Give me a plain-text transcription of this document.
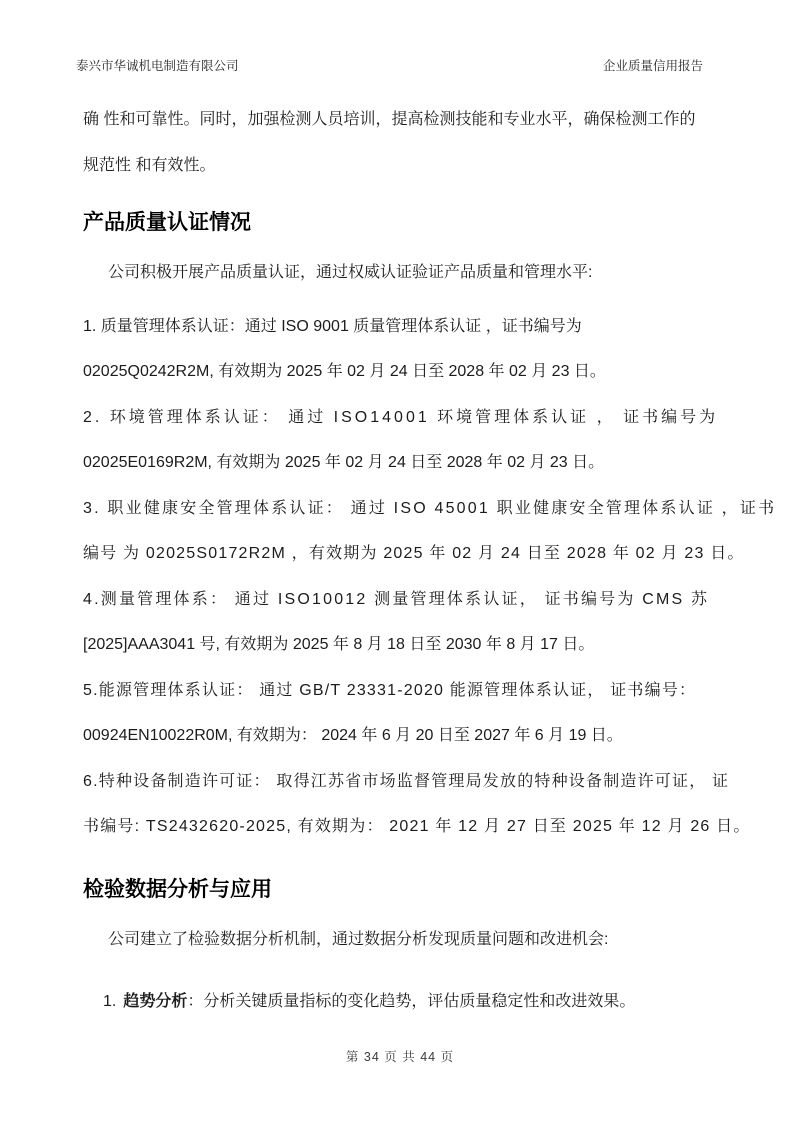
泰兴市华诚机电制造有限公司	企业质量信用报告
确 性和可靠性。同时，加强检测人员培训，提高检测技能和专业水平，确保检测工作的
规范性 和有效性。
产品质量认证情况
公司积极开展产品质量认证，通过权威认证验证产品质量和管理水平:
1. 质量管理体系认证：通过 ISO 9001 质量管理体系认证 ，证书编号为
02025Q0242R2M, 有效期为 2025 年 02 月 24 日至 2028 年 02 月 23 日。
2. 环境管理体系认证： 通过 ISO14001 环境管理体系认证 ， 证书编号为
02025E0169R2M, 有效期为 2025 年 02 月 24 日至 2028 年 02 月 23 日。
3. 职业健康安全管理体系认证： 通过 ISO 45001 职业健康安全管理体系认证 ，证书
编号 为 02025S0172R2M ，有效期为 2025 年 02 月 24 日至 2028 年 02 月 23 日。
4.测量管理体系： 通过 ISO10012 测量管理体系认证， 证书编号为 CMS 苏
[2025]AAA3041 号, 有效期为 2025 年 8 月 18 日至 2030 年 8 月 17 日。
5.能源管理体系认证： 通过 GB/T 23331-2020 能源管理体系认证， 证书编号：
00924EN10022R0M, 有效期为： 2024 年 6 月 20 日至 2027 年 6 月 19 日。
6.特种设备制造许可证： 取得江苏省市场监督管理局发放的特种设备制造许可证， 证
书编号: TS2432620-2025, 有效期为： 2021 年 12 月 27 日至 2025 年 12 月 26 日。
检验数据分析与应用
公司建立了检验数据分析机制，通过数据分析发现质量问题和改进机会:
1. 趋势分析：分析关键质量指标的变化趋势，评估质量稳定性和改进效果。
第 34 页 共 44 页
